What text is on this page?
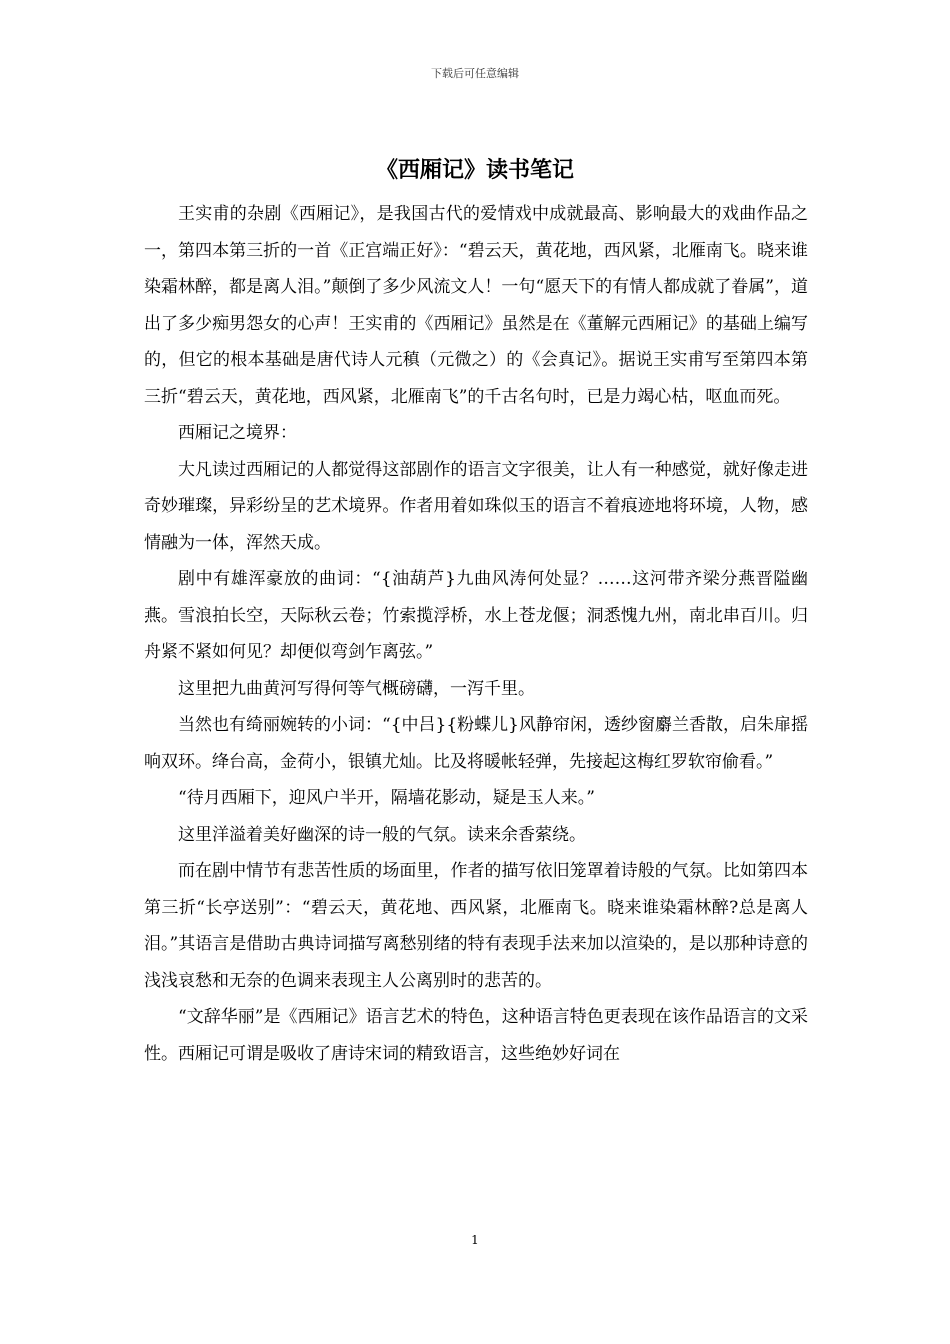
下载后可任意编辑
《西厢记》读书笔记

王实甫的杂剧《西厢记》，是我国古代的爱情戏中成就最高、影响最大的戏曲作品之一，第四本第三折的一首《正宫端正好》：“碧云天，黄花地，西风紧，北雁南飞。晓来谁染霜林醉，都是离人泪。”颠倒了多少风流文人！一句“愿天下的有情人都成就了眷属”，道出了多少痴男怨女的心声！王实甫的《西厢记》虽然是在《董解元西厢记》的基础上编写的，但它的根本基础是唐代诗人元稹（元微之）的《会真记》。据说王实甫写至第四本第三折“碧云天，黄花地，西风紧，北雁南飞”的千古名句时，已是力竭心枯，呕血而死。

西厢记之境界：

大凡读过西厢记的人都觉得这部剧作的语言文字很美，让人有一种感觉，就好像走进奇妙璀璨，异彩纷呈的艺术境界。作者用着如珠似玉的语言不着痕迹地将环境，人物，感情融为一体，浑然天成。

剧中有雄浑豪放的曲词：“{油葫芦}九曲风涛何处显？……这河带齐梁分燕晋隘幽燕。雪浪拍长空，天际秋云卷；竹索揽浮桥，水上苍龙偃；洞悉愧九州，南北串百川。归舟紧不紧如何见？却便似弯剑乍离弦。”

这里把九曲黄河写得何等气概磅礴，一泻千里。

当然也有绮丽婉转的小词：“{中吕}{粉蝶儿}风静帘闲，透纱窗麝兰香散，启朱扉摇响双环。绛台高，金荷小，银镇尤灿。比及将暖帐轻弹，先接起这梅红罗软帘偷看。”

“待月西厢下，迎风户半开，隔墙花影动，疑是玉人来。”

这里洋溢着美好幽深的诗一般的气氛。读来余香萦绕。

而在剧中情节有悲苦性质的场面里，作者的描写依旧笼罩着诗般的气氛。比如第四本第三折“长亭送别”：“碧云天，黄花地、西风紧，北雁南飞。晓来谁染霜林醉?总是离人泪。”其语言是借助古典诗词描写离愁别绪的特有表现手法来加以渲染的，是以那种诗意的浅浅哀愁和无奈的色调来表现主人公离别时的悲苦的。

“文辞华丽”是《西厢记》语言艺术的特色，这种语言特色更表现在该作品语言的文采性。西厢记可谓是吸收了唐诗宋词的精致语言，这些绝妙好词在

1
